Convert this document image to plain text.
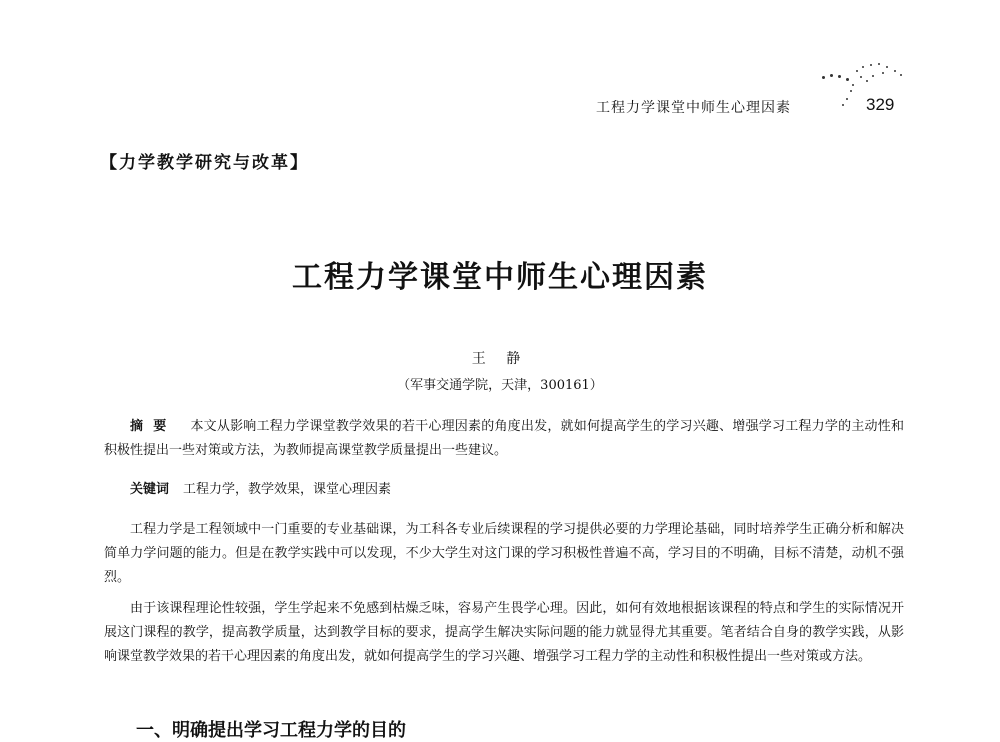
工程力学课堂中师生心理因素	329
【力学教学研究与改革】
工程力学课堂中师生心理因素
王 静
（军事交通学院，天津，300161）
摘要 本文从影响工程力学课堂教学效果的若干心理因素的角度出发，就如何提高学生的学习兴趣、增强学习工程力学的主动性和积极性提出一些对策或方法，为教师提高课堂教学质量提出一些建议。
关键词 工程力学，教学效果，课堂心理因素
工程力学是工程领域中一门重要的专业基础课，为工科各专业后续课程的学习提供必要的力学理论基础，同时培养学生正确分析和解决简单力学问题的能力。但是在教学实践中可以发现，不少大学生对这门课的学习积极性普遍不高，学习目的不明确，目标不清楚，动机不强烈。
由于该课程理论性较强，学生学起来不免感到枯燥乏味，容易产生畏学心理。因此，如何有效地根据该课程的特点和学生的实际情况开展这门课程的教学，提高教学质量，达到教学目标的要求，提高学生解决实际问题的能力就显得尤其重要。笔者结合自身的教学实践，从影响课堂教学效果的若干心理因素的角度出发，就如何提高学生的学习兴趣、增强学习工程力学的主动性和积极性提出一些对策或方法。
一、明确提出学习工程力学的目的
